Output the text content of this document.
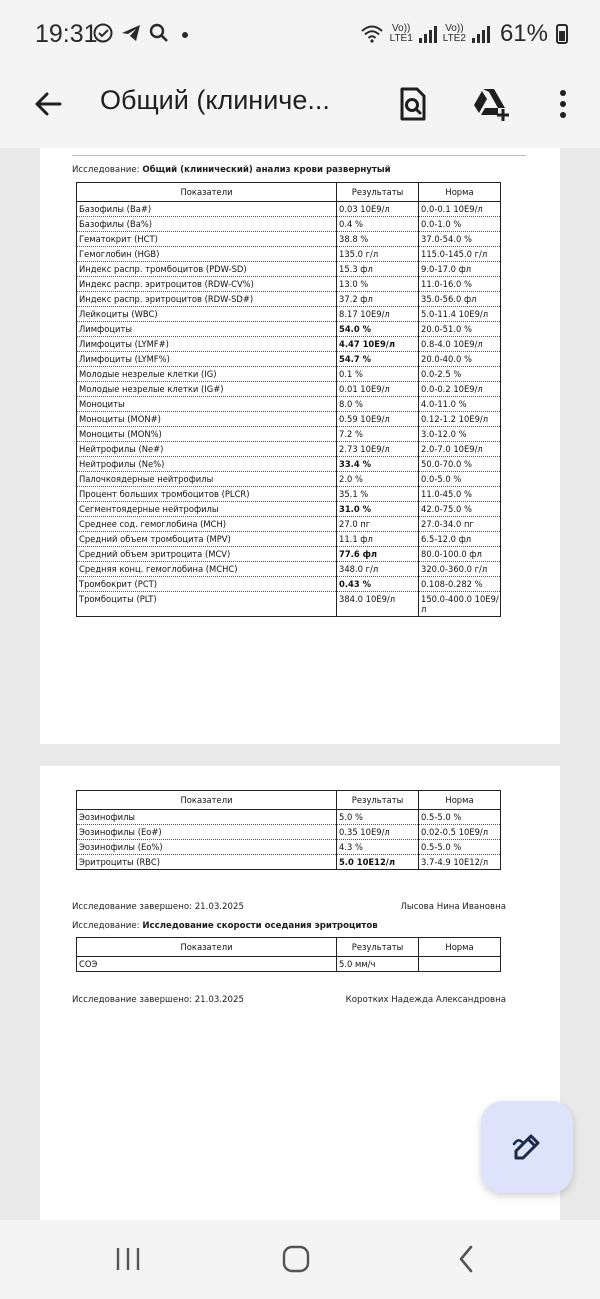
19:31	Vo))
LTE1
Vo))
LTE2 61%
Общий (клиниче...
Исследование: Общий (клинический) анализ крови развернутый
Показатели	Результаты	Норма
Базофилы (Ba#)	0.03 10E9/л	0.0-0.1 10E9/л
Базофилы (Ba%)	0.4 %	0.0-1.0 %
Гематокрит (HCT)	38.8 %	37.0-54.0 %
Гемоглобин (HGB)	135.0 г/л	115.0-145.0 г/л
Индекс распр. тромбоцитов (PDW-SD)	15.3 фл	9.0-17.0 фл
Индекс распр. эритроцитов (RDW-CV%)	13.0 %	11.0-16.0 %
Индекс распр. эритроцитов (RDW-SD#)	37.2 фл	35.0-56.0 фл
Лейкоциты (WBC)	8.17 10E9/л	5.0-11.4 10E9/л
Лимфоциты	54.0 %	20.0-51.0 %
Лимфоциты (LYMF#)	4.47 10E9/л	0.8-4.0 10E9/л
Лимфоциты (LYMF%)	54.7 %	20.0-40.0 %
Молодые незрелые клетки (IG)	0.1 %	0.0-2.5 %
Молодые незрелые клетки (IG#)	0.01 10E9/л	0.0-0.2 10E9/л
Моноциты	8.0 %	4.0-11.0 %
Моноциты (MON#)	0.59 10E9/л	0.12-1.2 10E9/л
Моноциты (MON%)	7.2 %	3.0-12.0 %
Нейтрофилы (Ne#)	2.73 10E9/л	2.0-7.0 10E9/л
Нейтрофилы (Ne%)	33.4 %	50.0-70.0 %
Палочкоядерные нейтрофилы	2.0 %	0.0-5.0 %
Процент больших тромбоцитов (PLCR)	35.1 %	11.0-45.0 %
Сегментоядерные нейтрофилы	31.0 %	42.0-75.0 %
Среднее сод. гемоглобина (MCH)	27.0 пг	27.0-34.0 пг
Средний объем тромбоцита (MPV)	11.1 фл	6.5-12.0 фл
Средний объем эритроцита (MCV)	77.6 фл	80.0-100.0 фл
Средняя конц. гемоглобина (MCHC)	348.0 г/л	320.0-360.0 г/л
Тромбокрит (PCT)	0.43 %	0.108-0.282 %
Тромбоциты (PLT)	384.0 10E9/л	150.0-400.0 10E9/л
Показатели	Результаты	Норма
Эозинофилы	5.0 %	0.5-5.0 %
Эозинофилы (Eo#)	0.35 10E9/л	0.02-0.5 10E9/л
Эозинофилы (Eo%)	4.3 %	0.5-5.0 %
Эритроциты (RBC)	5.0 10E12/л	3.7-4.9 10E12/л
Исследование завершено: 21.03.2025	Лысова Нина Ивановна
Исследование: Исследование скорости оседания эритроцитов
Показатели	Результаты	Норма
СОЭ	5.0 мм/ч	
Исследование завершено: 21.03.2025	Коротких Надежда Александровна
